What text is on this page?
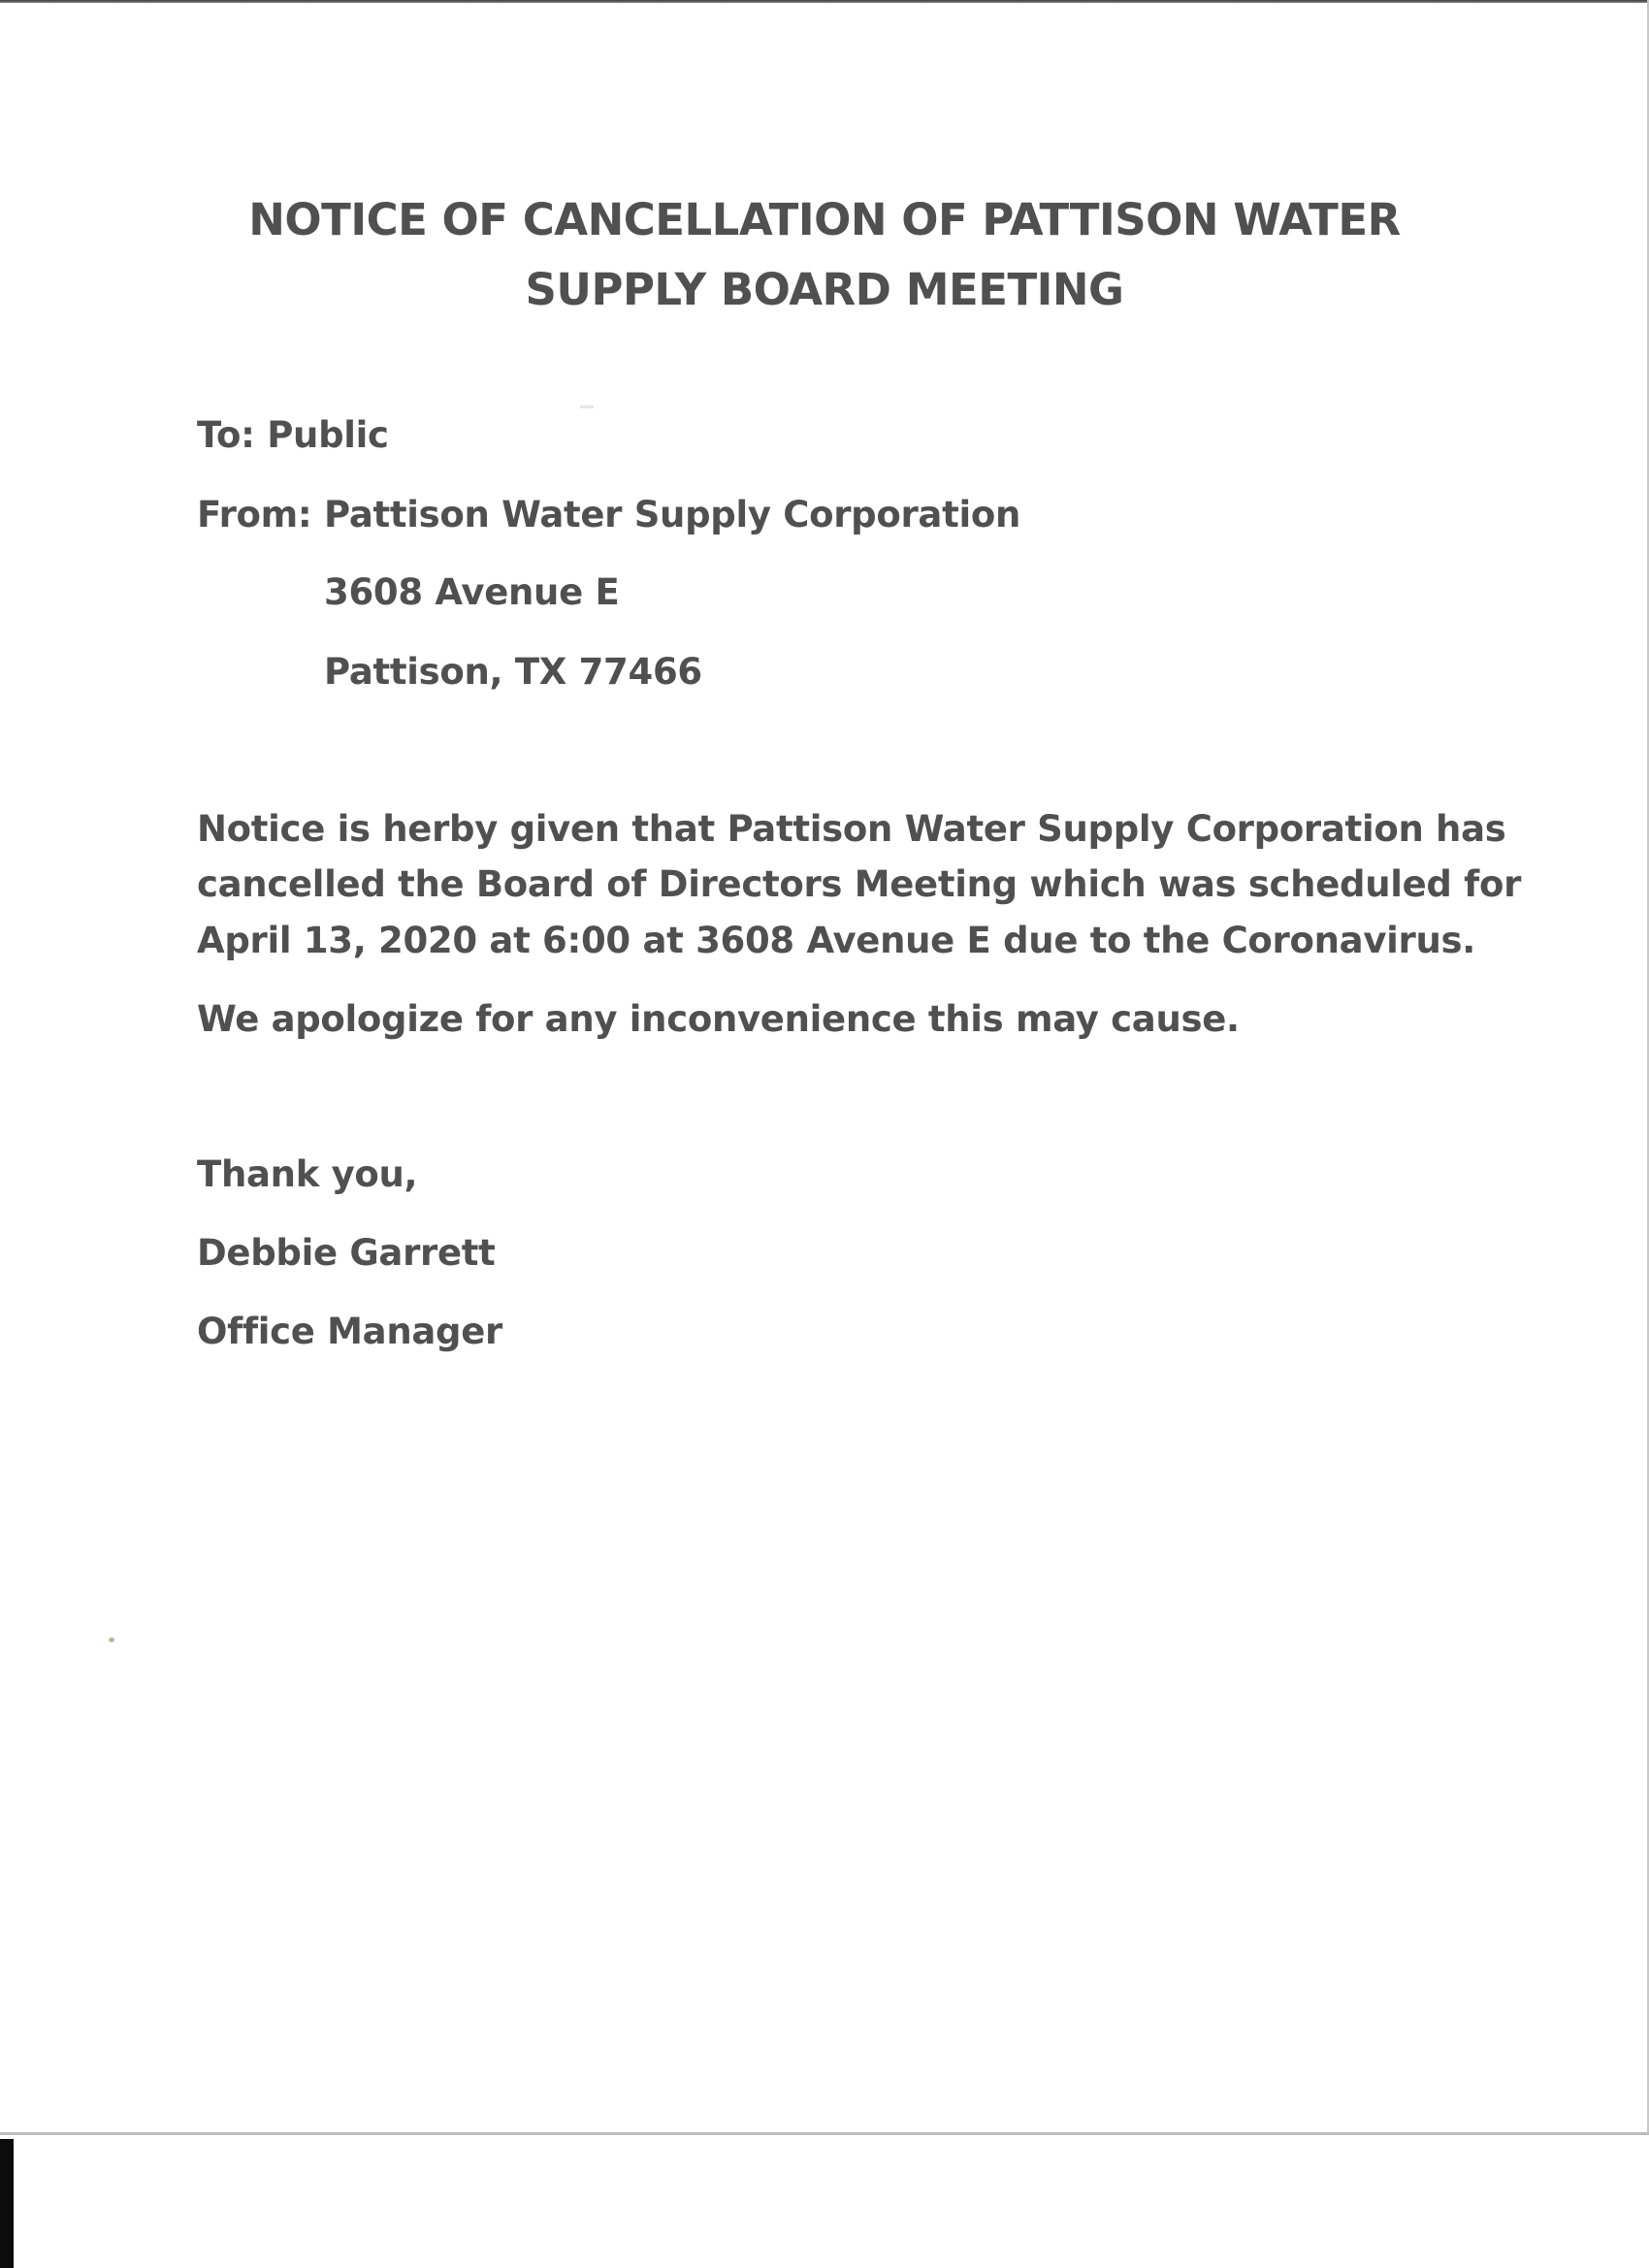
NOTICE OF CANCELLATION OF PATTISON WATER
SUPPLY BOARD MEETING
To: Public
From: Pattison Water Supply Corporation
3608 Avenue E
Pattison, TX 77466
Notice is herby given that Pattison Water Supply Corporation has
cancelled the Board of Directors Meeting which was scheduled for
April 13, 2020 at 6:00 at 3608 Avenue E due to the Coronavirus.
We apologize for any inconvenience this may cause.
Thank you,
Debbie Garrett
Office Manager
